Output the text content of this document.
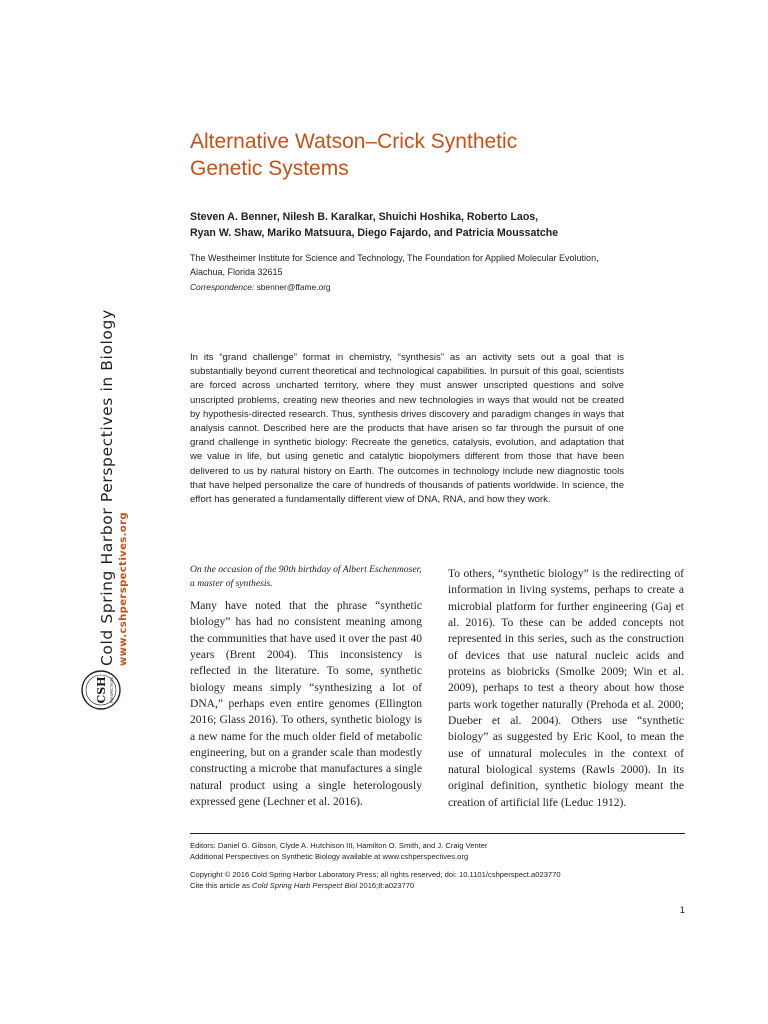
Cold Spring Harbor Perspectives in Biology www.cshperspectives.org
CSH PERSPECTIVES
Alternative Watson–Crick Synthetic
Genetic Systems
Steven A. Benner, Nilesh B. Karalkar, Shuichi Hoshika, Roberto Laos,
Ryan W. Shaw, Mariko Matsuura, Diego Fajardo, and Patricia Moussatche
The Westheimer Institute for Science and Technology, The Foundation for Applied Molecular Evolution,
Alachua, Florida 32615
Correspondence: sbenner@ffame.org
In its “grand challenge” format in chemistry, “synthesis” as an activity sets out a goal that is substantially beyond current theoretical and technological capabilities. In pursuit of this goal, scientists are forced across uncharted territory, where they must answer unscripted questions and solve unscripted problems, creating new theories and new technologies in ways that would not be created by hypothesis-directed research. Thus, synthesis drives discovery and paradigm changes in ways that analysis cannot. Described here are the products that have arisen so far through the pursuit of one grand challenge in synthetic biology: Recreate the genetics, catalysis, evolution, and adaptation that we value in life, but using genetic and catalytic biopolymers different from those that have been delivered to us by natural history on Earth. The outcomes in technology include new diagnostic tools that have helped personalize the care of hundreds of thousands of patients worldwide. In science, the effort has generated a fundamentally different view of DNA, RNA, and how they work.
On the occasion of the 90th birthday of Albert Eschenmoser, a master of synthesis.
Many have noted that the phrase “synthetic biology” has had no consistent meaning among the communities that have used it over the past 40 years (Brent 2004). This inconsistency is reflected in the literature. To some, synthetic biology means simply “synthesizing a lot of DNA,” perhaps even entire genomes (Ellington 2016; Glass 2016). To others, synthetic biology is a new name for the much older field of metabolic engineering, but on a grander scale than modestly constructing a microbe that manufactures a single natural product using a single heterologously expressed gene (Lechner et al. 2016).
To others, “synthetic biology” is the redirecting of information in living systems, perhaps to create a microbial platform for further engineering (Gaj et al. 2016). To these can be added concepts not represented in this series, such as the construction of devices that use natural nucleic acids and proteins as biobricks (Smolke 2009; Win et al. 2009), perhaps to test a theory about how those parts work together naturally (Prehoda et al. 2000; Dueber et al. 2004). Others use “synthetic biology” as suggested by Eric Kool, to mean the use of unnatural molecules in the context of natural biological systems (Rawls 2000). In its original definition, synthetic biology meant the creation of artificial life (Leduc 1912).
Editors: Daniel G. Gibson, Clyde A. Hutchison III, Hamilton O. Smith, and J. Craig Venter
Additional Perspectives on Synthetic Biology available at www.cshperspectives.org
Copyright © 2016 Cold Spring Harbor Laboratory Press; all rights reserved; doi: 10.1101/cshperspect.a023770
Cite this article as Cold Spring Harb Perspect Biol 2016;8:a023770
1
